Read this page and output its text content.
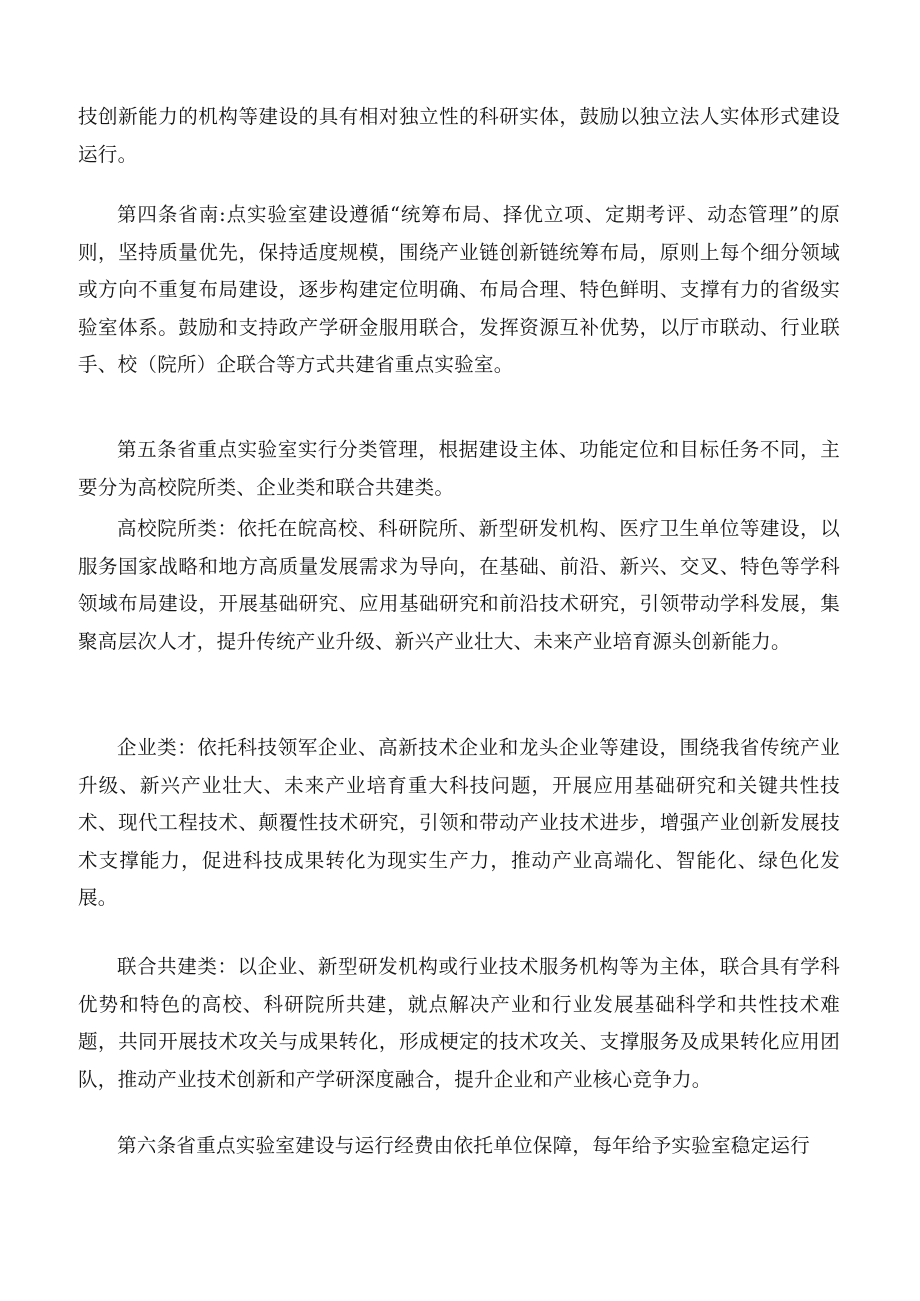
技创新能力的机构等建设的具有相对独立性的科研实体，鼓励以独立法人实体形式建设运行。

第四条省南:点实验室建设遵循“统筹布局、择优立项、定期考评、动态管理”的原则，坚持质量优先，保持适度规模，围绕产业链创新链统筹布局，原则上每个细分领域或方向不重复布局建设，逐步构建定位明确、布局合理、特色鲜明、支撑有力的省级实验室体系。鼓励和支持政产学研金服用联合，发挥资源互补优势，以厅市联动、行业联手、校（院所）企联合等方式共建省重点实验室。

第五条省重点实验室实行分类管理，根据建设主体、功能定位和目标任务不同，主要分为高校院所类、企业类和联合共建类。

高校院所类：依托在皖高校、科研院所、新型研发机构、医疗卫生单位等建设，以服务国家战略和地方高质量发展需求为导向，在基础、前沿、新兴、交叉、特色等学科领域布局建设，开展基础研究、应用基础研究和前沿技术研究，引领带动学科发展，集聚高层次人才，提升传统产业升级、新兴产业壮大、未来产业培育源头创新能力。

企业类：依托科技领军企业、高新技术企业和龙头企业等建设，围绕我省传统产业升级、新兴产业壮大、未来产业培育重大科技问题，开展应用基础研究和关键共性技术、现代工程技术、颠覆性技术研究，引领和带动产业技术进步，增强产业创新发展技术支撑能力，促进科技成果转化为现实生产力，推动产业高端化、智能化、绿色化发展。

联合共建类：以企业、新型研发机构或行业技术服务机构等为主体，联合具有学科优势和特色的高校、科研院所共建，就点解决产业和行业发展基础科学和共性技术难题，共同开展技术攻关与成果转化，形成梗定的技术攻关、支撑服务及成果转化应用团队，推动产业技术创新和产学研深度融合，提升企业和产业核心竞争力。

第六条省重点实验室建设与运行经费由依托单位保障，每年给予实验室稳定运行
